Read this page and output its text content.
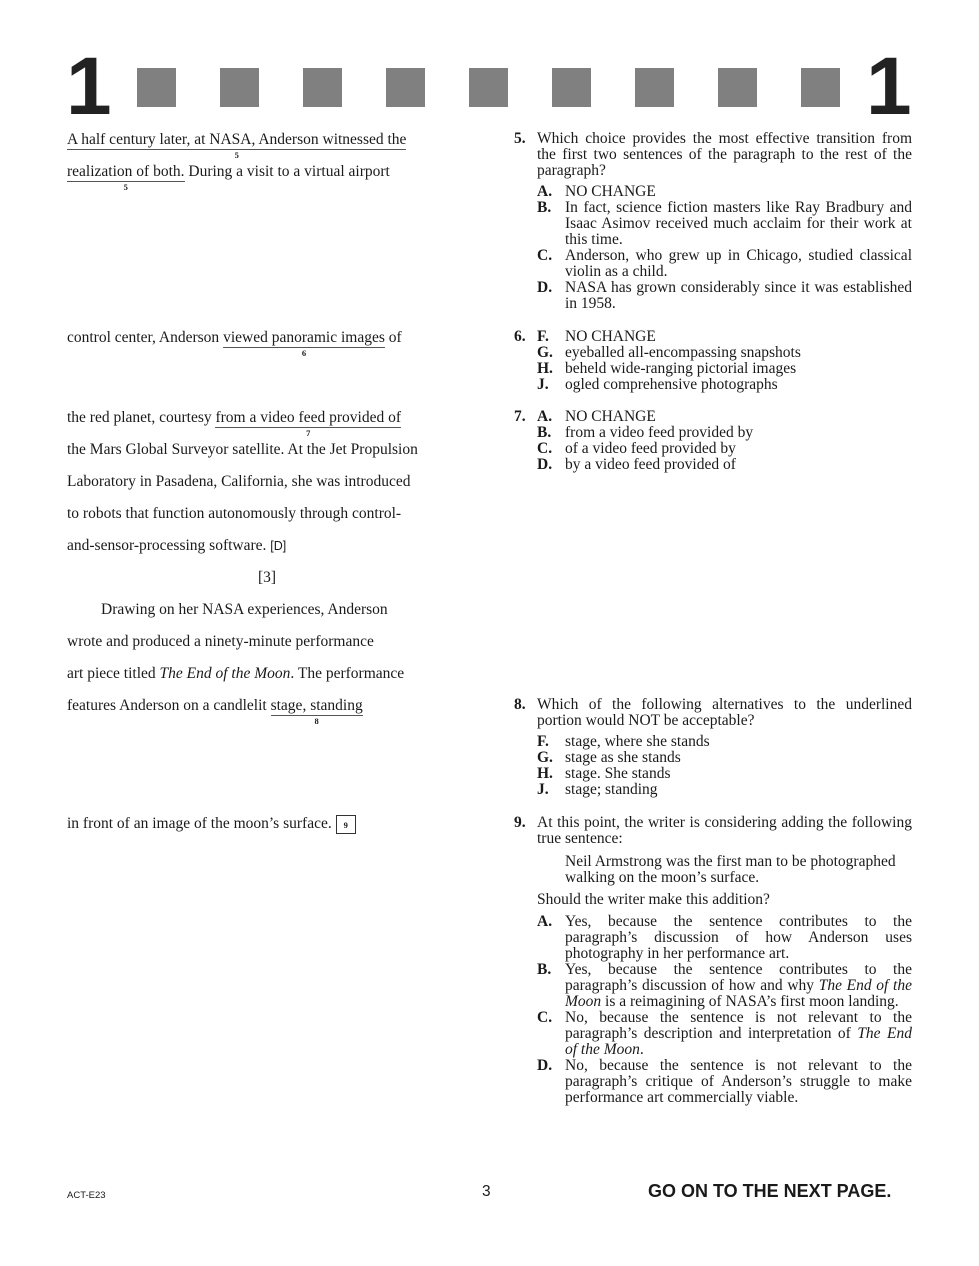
1	1
A half century later, at NASA, Anderson witnessed the
5
realization of both.
5
During a visit to a virtual airport
control center, Anderson viewed panoramic images
6
of
the red planet, courtesy from a video feed provided of
7
the Mars Global Surveyor satellite. At the Jet Propulsion
Laboratory in Pasadena, California, she was introduced
to robots that function autonomously through control-
and-sensor-processing software. [D]
[3]
Drawing on her NASA experiences, Anderson
wrote and produced a ninety-minute performance
art piece titled The End of the Moon. The performance
features Anderson on a candlelit stage, standing
8
in front of an image of the moon’s surface. 9
5. Which choice provides the most effective transition from the first two sentences of the paragraph to the rest of the paragraph?
A. NO CHANGE
B. In fact, science fiction masters like Ray Bradbury and Isaac Asimov received much acclaim for their work at this time.
C. Anderson, who grew up in Chicago, studied classical violin as a child.
D. NASA has grown considerably since it was established in 1958.
6. F.	NO CHANGE
G. eyeballed all-encompassing snapshots
H. beheld wide-ranging pictorial images
J.	ogled comprehensive photographs
7. A. NO CHANGE
B. from a video feed provided by
C. of a video feed provided by
D. by a video feed provided of
8. Which of the following alternatives to the underlined portion would NOT be acceptable?
F.	stage, where she stands
G. stage as she stands
H. stage. She stands
J.	stage; standing
9. At this point, the writer is considering adding the following true sentence:
Neil Armstrong was the first man to be photographed walking on the moon’s surface.
Should the writer make this addition?
A. Yes, because the sentence contributes to the paragraph’s discussion of how Anderson uses photography in her performance art.
B. Yes, because the sentence contributes to the paragraph’s discussion of how and why The End of the Moon is a reimagining of NASA’s first moon landing.
C. No, because the sentence is not relevant to the paragraph’s description and interpretation of The End of the Moon.
D. No, because the sentence is not relevant to the paragraph’s critique of Anderson’s struggle to make performance art commercially viable.
ACT-E23	3	GO ON TO THE NEXT PAGE.
